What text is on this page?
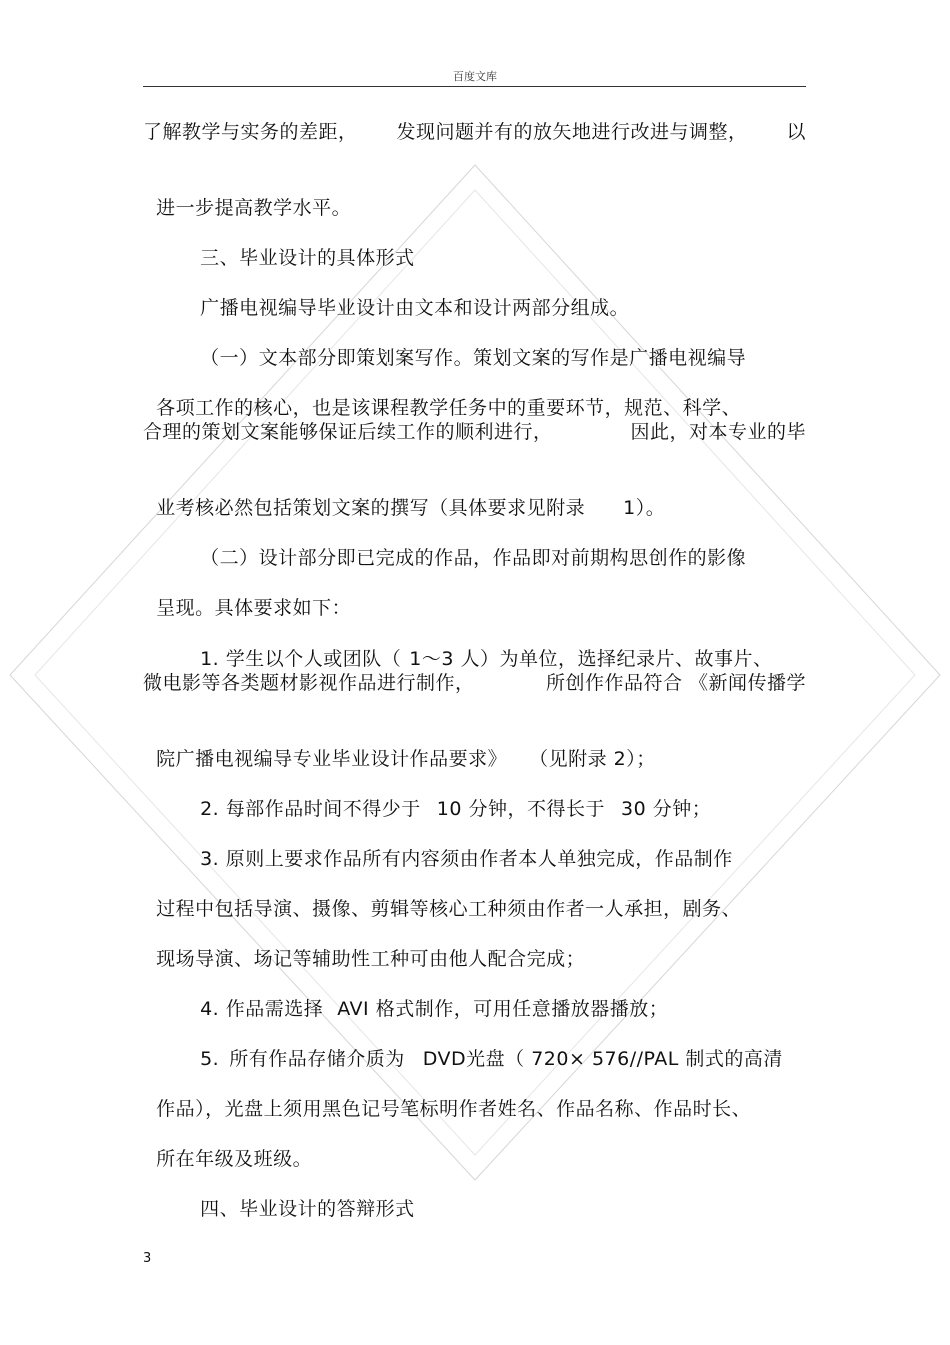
百度文库
了解教学与实务的差距， 发现问题并有的放矢地进行改进与调整， 以

进一步提高教学水平。

三、毕业设计的具体形式

广播电视编导毕业设计由文本和设计两部分组成。

（一）文本部分即策划案写作。策划文案的写作是广播电视编导

各项工作的核心，也是该课程教学任务中的重要环节，规范、科学、

合理的策划文案能够保证后续工作的顺利进行，	因此，对本专业的毕

业考核必然包括策划文案的撰写（具体要求见附录 1）。

（二）设计部分即已完成的作品，作品即对前期构思创作的影像

呈现。具体要求如下：

1. 学生以个人或团队（ 1～3 人）为单位，选择纪录片、故事片、

微电影等各类题材影视作品进行制作，	所创作作品符合 《新闻传播学

院广播电视编导专业毕业设计作品要求》 （见附录 2）；

2. 每部作品时间不得少于 10 分钟，不得长于 30 分钟；

3. 原则上要求作品所有内容须由作者本人单独完成，作品制作

过程中包括导演、摄像、剪辑等核心工种须由作者一人承担，剧务、

现场导演、场记等辅助性工种可由他人配合完成；

4. 作品需选择 AVI 格式制作，可用任意播放器播放；

5. 所有作品存储介质为 DVD光盘（ 720× 576//PAL 制式的高清

作品），光盘上须用黑色记号笔标明作者姓名、作品名称、作品时长、

所在年级及班级。

四、毕业设计的答辩形式

3
